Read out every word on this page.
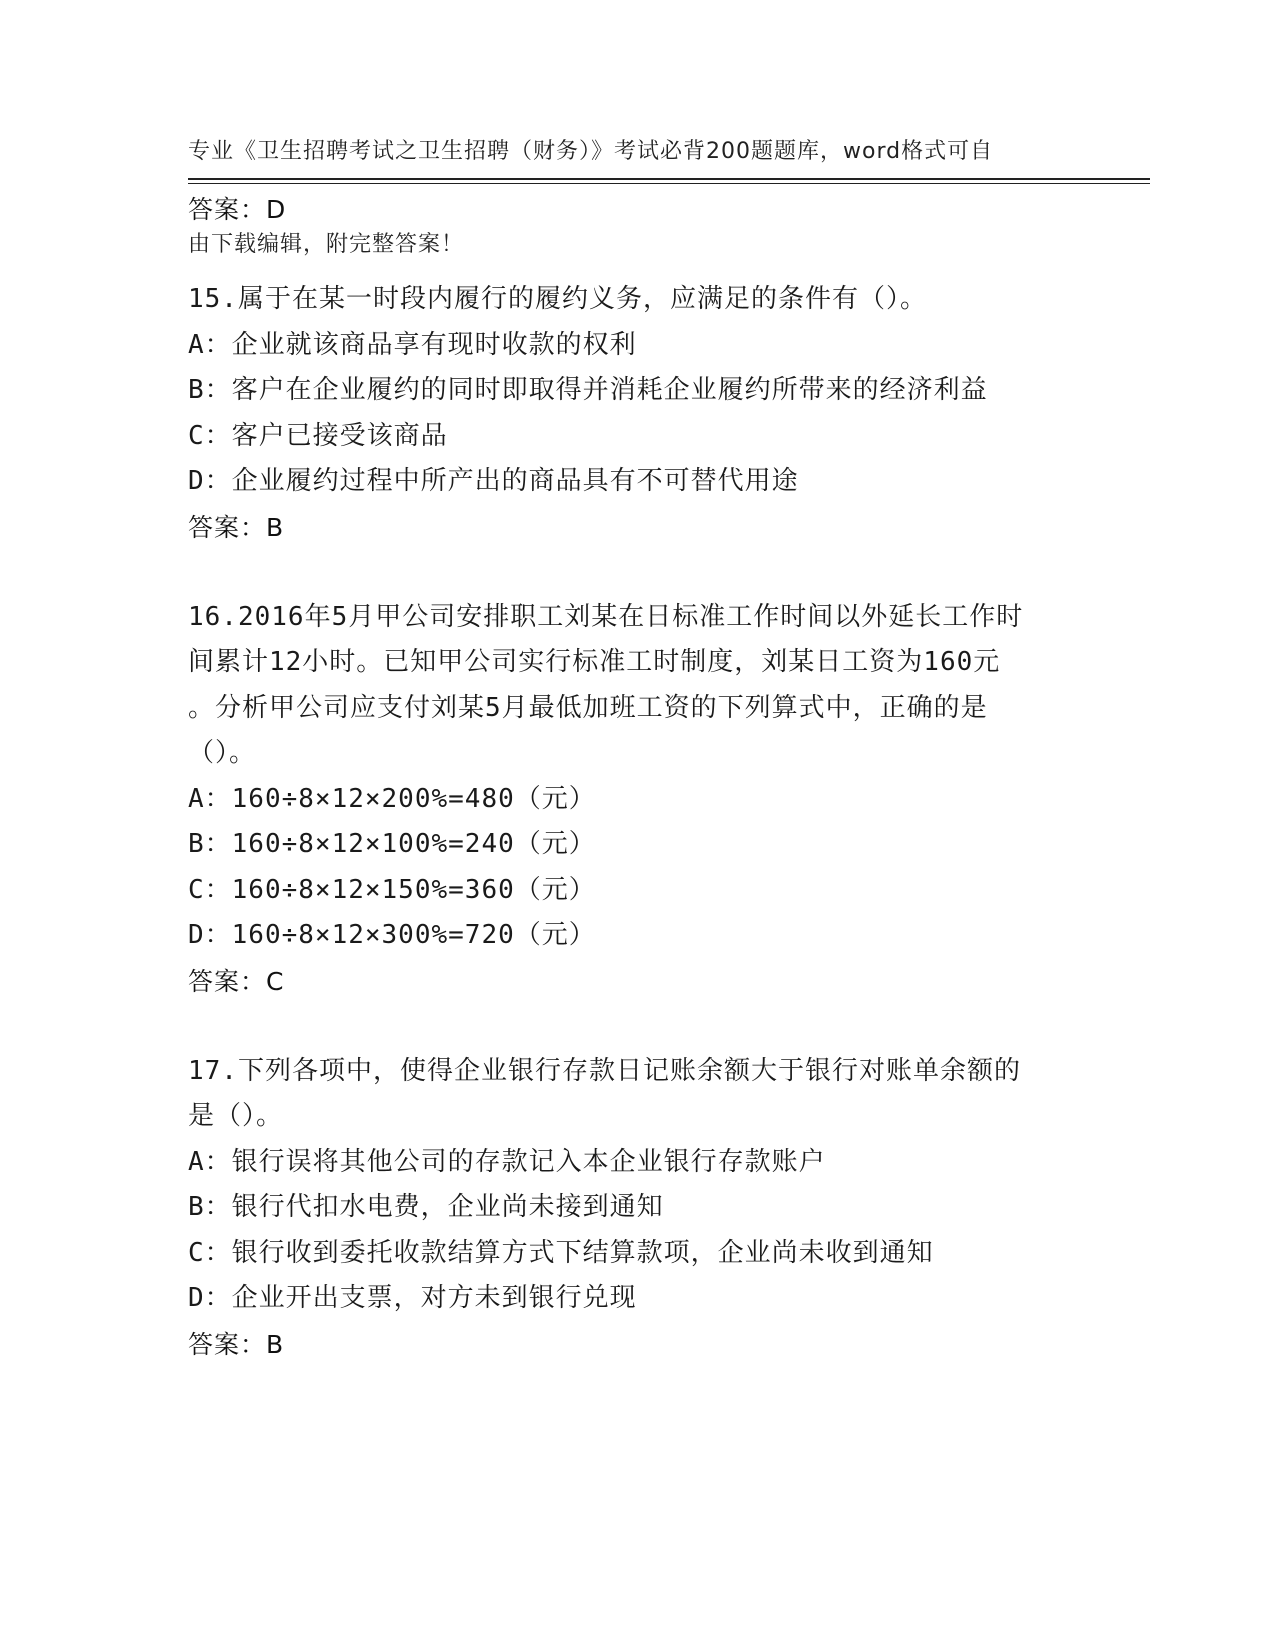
专业《卫生招聘考试之卫生招聘（财务）》考试必背200题题库，word格式可自

由下载编辑，附完整答案！

答案：D
15.属于在某一时段内履行的履约义务，应满足的条件有（）。
A：企业就该商品享有现时收款的权利
B：客户在企业履约的同时即取得并消耗企业履约所带来的经济利益
C：客户已接受该商品
D：企业履约过程中所产出的商品具有不可替代用途
答案：B
16.2016年5月甲公司安排职工刘某在日标准工作时间以外延长工作时
间累计12小时。已知甲公司实行标准工时制度，刘某日工资为160元
。分析甲公司应支付刘某5月最低加班工资的下列算式中，正确的是
（）。
A：160÷8×12×200%=480（元）
B：160÷8×12×100%=240（元）
C：160÷8×12×150%=360（元）
D：160÷8×12×300%=720（元）
答案：C
17.下列各项中，使得企业银行存款日记账余额大于银行对账单余额的
是（）。
A：银行误将其他公司的存款记入本企业银行存款账户
B：银行代扣水电费，企业尚未接到通知
C：银行收到委托收款结算方式下结算款项，企业尚未收到通知
D：企业开出支票，对方未到银行兑现
答案：B
